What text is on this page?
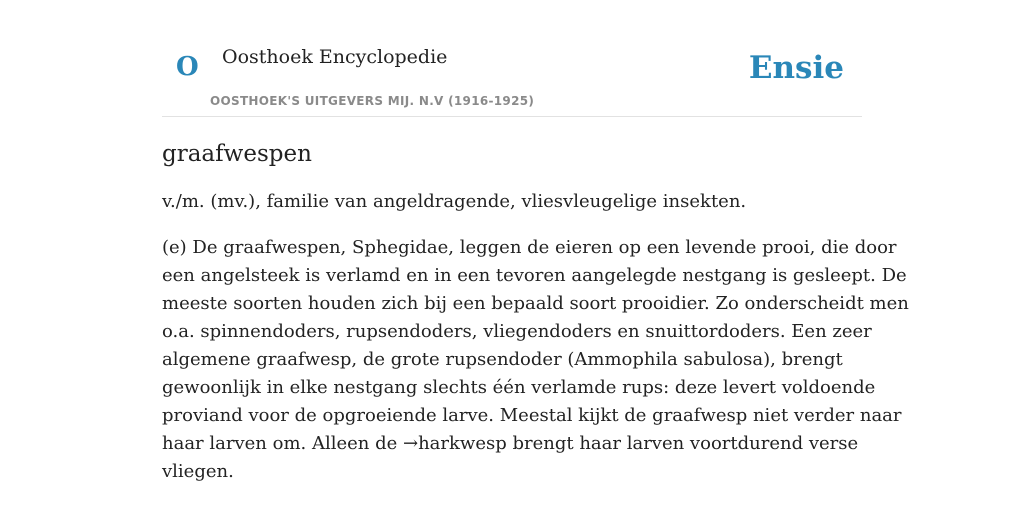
O Oosthoek Encyclopedie
OOSTHOEK'S UITGEVERS MIJ. N.V (1916-1925)
Ensie
graafwespen

v./m. (mv.), familie van angeldragende, vliesvleugelige insekten.

(e) De graafwespen, Sphegidae, leggen de eieren op een levende prooi, die door
een angelsteek is verlamd en in een tevoren aangelegde nestgang is gesleept. De
meeste soorten houden zich bij een bepaald soort prooidier. Zo onderscheidt men
o.a. spinnendoders, rupsendoders, vliegendoders en snuittordoders. Een zeer
algemene graafwesp, de grote rupsendoder (Ammophila sabulosa), brengt
gewoonlijk in elke nestgang slechts één verlamde rups: deze levert voldoende
proviand voor de opgroeiende larve. Meestal kijkt de graafwesp niet verder naar
haar larven om. Alleen de →harkwesp brengt haar larven voortdurend verse
vliegen.
